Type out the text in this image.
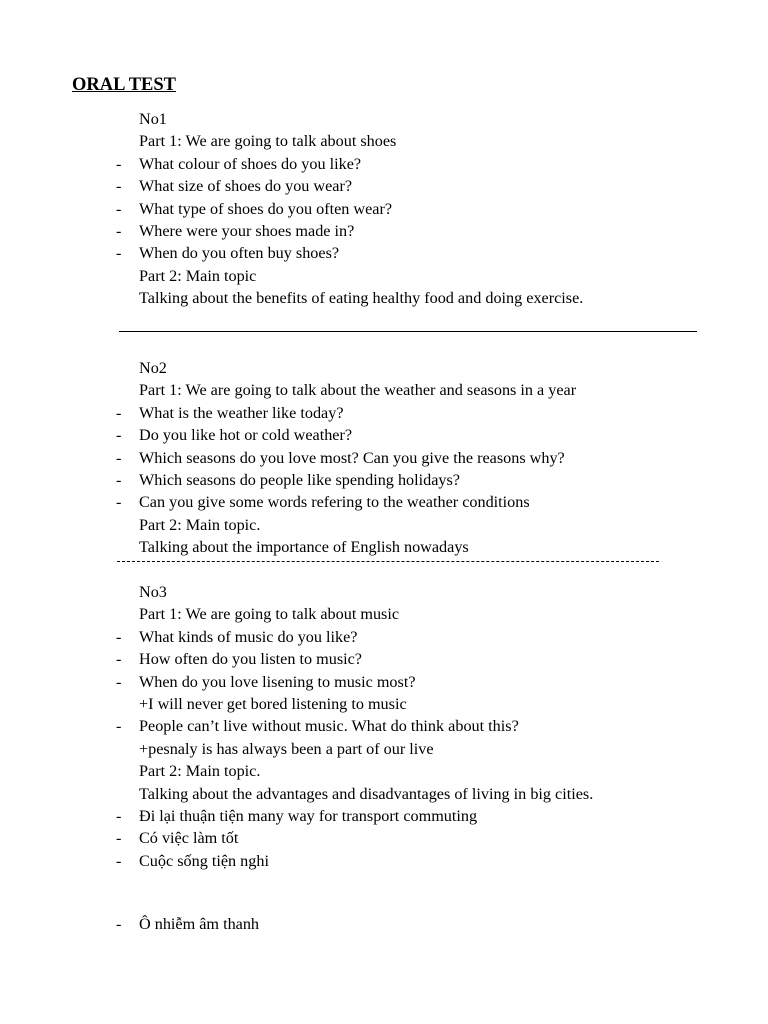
ORAL TEST
No1
Part 1: We are going to talk about shoes
- What colour of shoes do you like?
- What size of shoes do you wear?
- What type of shoes do you often wear?
- Where were your shoes made in?
- When do you often buy shoes?
Part 2: Main topic
Talking about the benefits of eating healthy food and doing exercise.
No2
Part 1: We are going to talk about the weather and seasons in a year
- What is the weather like today?
- Do you like hot or cold weather?
- Which seasons do you love most? Can you give the reasons why?
- Which seasons do people like spending holidays?
- Can you give some words refering to the weather conditions
Part 2: Main topic.
Talking about the importance of English nowadays
No3
Part 1: We are going to talk about music
- What kinds of music do you like?
- How often do you listen to music?
- When do you love lisening to music most?
+I will never get bored listening to music
- People can’t live without music. What do think about this?
+pesnaly is has always been a part of our live
Part 2: Main topic.
Talking about the advantages and disadvantages of living in big cities.
- Đi lại thuận tiện many way for transport commuting
- Có việc làm tốt
- Cuộc sống tiện nghi
- Ô nhiễm âm thanh
